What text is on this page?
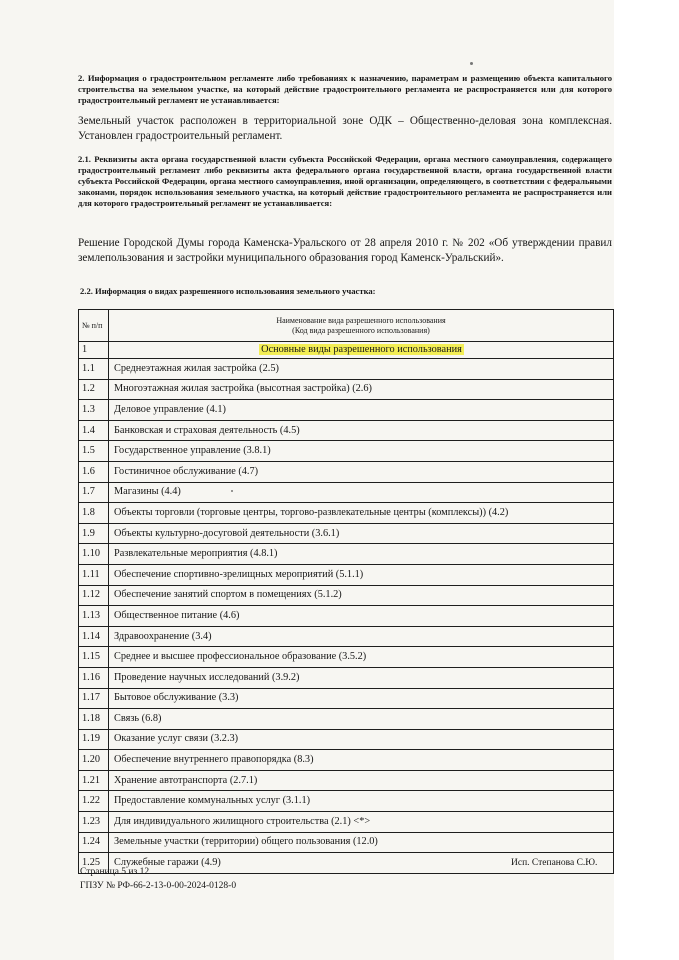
2. Информация о градостроительном регламенте либо требованиях к назначению, параметрам и размещению объекта капитального строительства на земельном участке, на который действие градостроительного регламента не распространяется или для которого градостроительный регламент не устанавливается:

Земельный участок расположен в территориальной зоне ОДК – Общественно-деловая зона комплексная. Установлен градостроительный регламент.

2.1. Реквизиты акта органа государственной власти субъекта Российской Федерации, органа местного самоуправления, содержащего градостроительный регламент либо реквизиты акта федерального органа государственной власти, органа государственной власти субъекта Российской Федерации, органа местного самоуправления, иной организации, определяющего, в соответствии с федеральными законами, порядок использования земельного участка, на который действие градостроительного регламента не распространяется или для которого градостроительный регламент не устанавливается:

Решение Городской Думы города Каменска-Уральского от 28 апреля 2010 г. № 202 «Об утверждении правил землепользования и застройки муниципального образования город Каменск-Уральский».

2.2. Информация о видах разрешенного использования земельного участка:

№ п/п	Наименование вида разрешенного использования
(Код вида разрешенного использования)

1	Основные виды разрешенного использования
1.1	Среднеэтажная жилая застройка (2.5)
1.2	Многоэтажная жилая застройка (высотная застройка) (2.6)
1.3	Деловое управление (4.1)
1.4	Банковская и страховая деятельность (4.5)
1.5	Государственное управление (3.8.1)
1.6	Гостиничное обслуживание (4.7)
1.7	Магазины (4.4)
1.8	Объекты торговли (торговые центры, торгово-развлекательные центры (комплексы)) (4.2)
1.9	Объекты культурно-досуговой деятельности (3.6.1)
1.10	Развлекательные мероприятия (4.8.1)
1.11	Обеспечение спортивно-зрелищных мероприятий (5.1.1)
1.12	Обеспечение занятий спортом в помещениях (5.1.2)
1.13	Общественное питание (4.6)
1.14	Здравоохранение (3.4)
1.15	Среднее и высшее профессиональное образование (3.5.2)
1.16	Проведение научных исследований (3.9.2)
1.17	Бытовое обслуживание (3.3)
1.18	Связь (6.8)
1.19	Оказание услуг связи (3.2.3)
1.20	Обеспечение внутреннего правопорядка (8.3)
1.21	Хранение автотранспорта (2.7.1)
1.22	Предоставление коммунальных услуг (3.1.1)
1.23	Для индивидуального жилищного строительства (2.1) <*>
1.24	Земельные участки (территории) общего пользования (12.0)
1.25	Служебные гаражи (4.9)
Страница 5 из 12
ГПЗУ № РФ-66-2-13-0-00-2024-0128-0
Исп. Степанова С.Ю.
